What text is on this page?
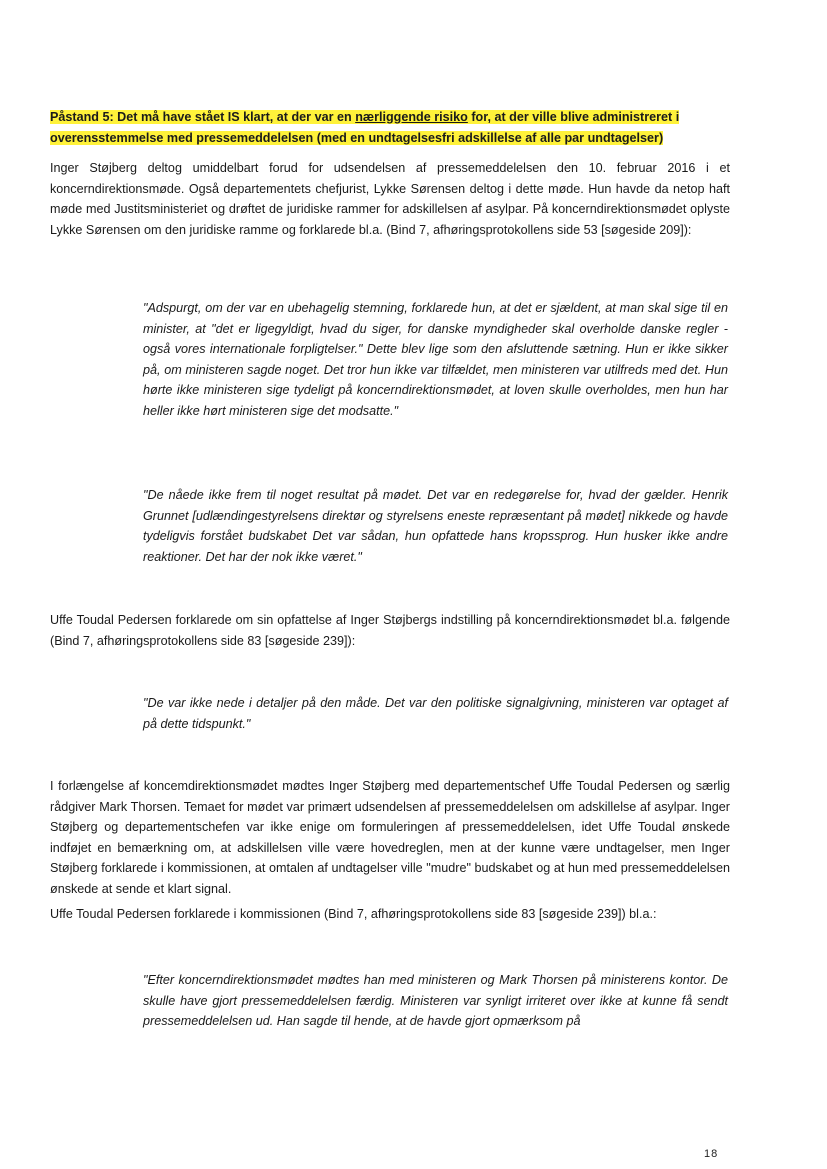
Påstand 5: Det må have stået IS klart, at der var en nærliggende risiko for, at der ville blive administreret i overensstemmelse med pressemeddelelsen (med en undtagelsesfri adskillelse af alle par undtagelser)

Inger Støjberg deltog umiddelbart forud for udsendelsen af pressemeddelelsen den 10. februar 2016 i et koncerndirektionsmøde. Også departementets chefjurist, Lykke Sørensen deltog i dette møde. Hun havde da netop haft møde med Justitsministeriet og drøftet de juridiske rammer for adskillelsen af asylpar. På koncerndirektionsmødet oplyste Lykke Sørensen om den juridiske ramme og forklarede bl.a. (Bind 7, afhøringsprotokollens side 53 [søgeside 209]):

"Adspurgt, om der var en ubehagelig stemning, forklarede hun, at det er sjældent, at man skal sige til en minister, at "det er ligegyldigt, hvad du siger, for danske myndigheder skal overholde danske regler - også vores internationale forpligtelser." Dette blev lige som den afsluttende sætning. Hun er ikke sikker på, om ministeren sagde noget. Det tror hun ikke var tilfældet, men ministeren var utilfreds med det. Hun hørte ikke ministeren sige tydeligt på koncerndirektionsmødet, at loven skulle overholdes, men hun har heller ikke hørt ministeren sige det modsatte."

"De nåede ikke frem til noget resultat på mødet. Det var en redegørelse for, hvad der gælder. Henrik Grunnet [udlændingestyrelsens direktør og styrelsens eneste repræsentant på mødet] nikkede og havde tydeligvis forstået budskabet Det var sådan, hun opfattede hans kropssprog. Hun husker ikke andre reaktioner. Det har der nok ikke været."

Uffe Toudal Pedersen forklarede om sin opfattelse af Inger Støjbergs indstilling på koncerndirektionsmødet bl.a. følgende (Bind 7, afhøringsprotokollens side 83 [søgeside 239]):

"De var ikke nede i detaljer på den måde. Det var den politiske signalgivning, ministeren var optaget af på dette tidspunkt."

I forlængelse af koncemdirektionsmødet mødtes Inger Støjberg med departementschef Uffe Toudal Pedersen og særlig rådgiver Mark Thorsen. Temaet for mødet var primært udsendelsen af pressemeddelelsen om adskillelse af asylpar. Inger Støjberg og departementschefen var ikke enige om formuleringen af pressemeddelelsen, idet Uffe Toudal ønskede indføjet en bemærkning om, at adskillelsen ville være hovedreglen, men at der kunne være undtagelser, men Inger Støjberg forklarede i kommissionen, at omtalen af undtagelser ville "mudre" budskabet og at hun med pressemeddelelsen ønskede at sende et klart signal.

Uffe Toudal Pedersen forklarede i kommissionen (Bind 7, afhøringsprotokollens side 83 [søgeside 239]) bl.a.:

"Efter koncerndirektionsmødet mødtes han med ministeren og Mark Thorsen på ministerens kontor. De skulle have gjort pressemeddelelsen færdig. Ministeren var synligt irriteret over ikke at kunne få sendt pressemeddelelsen ud. Han sagde til hende, at de havde gjort opmærksom på

18
